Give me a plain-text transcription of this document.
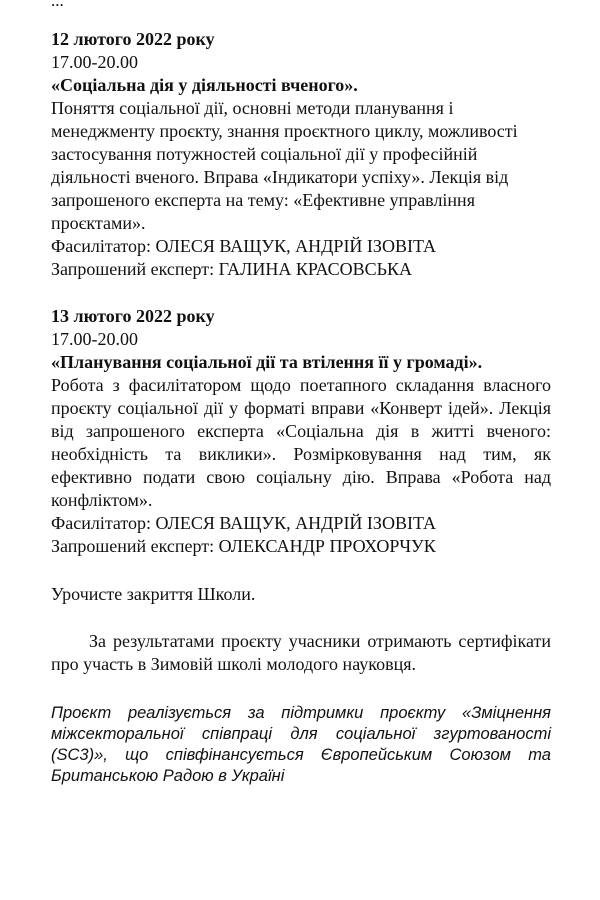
...
12 лютого 2022 року
17.00-20.00
«Соціальна дія у діяльності вченого».
Поняття соціальної дії, основні методи планування і менеджменту проєкту, знання проєктного циклу, можливості застосування потужностей соціальної дії у професійній діяльності вченого. Вправа «Індикатори успіху». Лекція від запрошеного експерта на тему: «Ефективне управління проєктами».
Фасилітатор: ОЛЕСЯ ВАЩУК, АНДРІЙ ІЗОВІТА
Запрошений експерт: ГАЛИНА КРАСОВСЬКА
13 лютого 2022 року
17.00-20.00
«Планування соціальної дії та втілення її у громаді».
Робота з фасилітатором щодо поетапного складання власного проєкту соціальної дії у форматі вправи «Конверт ідей». Лекція від запрошеного експерта «Соціальна дія в житті вченого: необхідність та виклики». Розмірковування над тим, як ефективно подати свою соціальну дію. Вправа «Робота над конфліктом».
Фасилітатор: ОЛЕСЯ ВАЩУК, АНДРІЙ ІЗОВІТА
Запрошений експерт: ОЛЕКСАНДР ПРОХОРЧУК
Урочисте закриття Школи.
За результатами проєкту учасники отримають сертифікати про участь в Зимовій школі молодого науковця.
Проєкт реалізується за підтримки проєкту «Зміцнення міжсекторальної співпраці для соціальної згуртованості (SC3)», що співфінансується Європейським Союзом та Британською Радою в Україні
